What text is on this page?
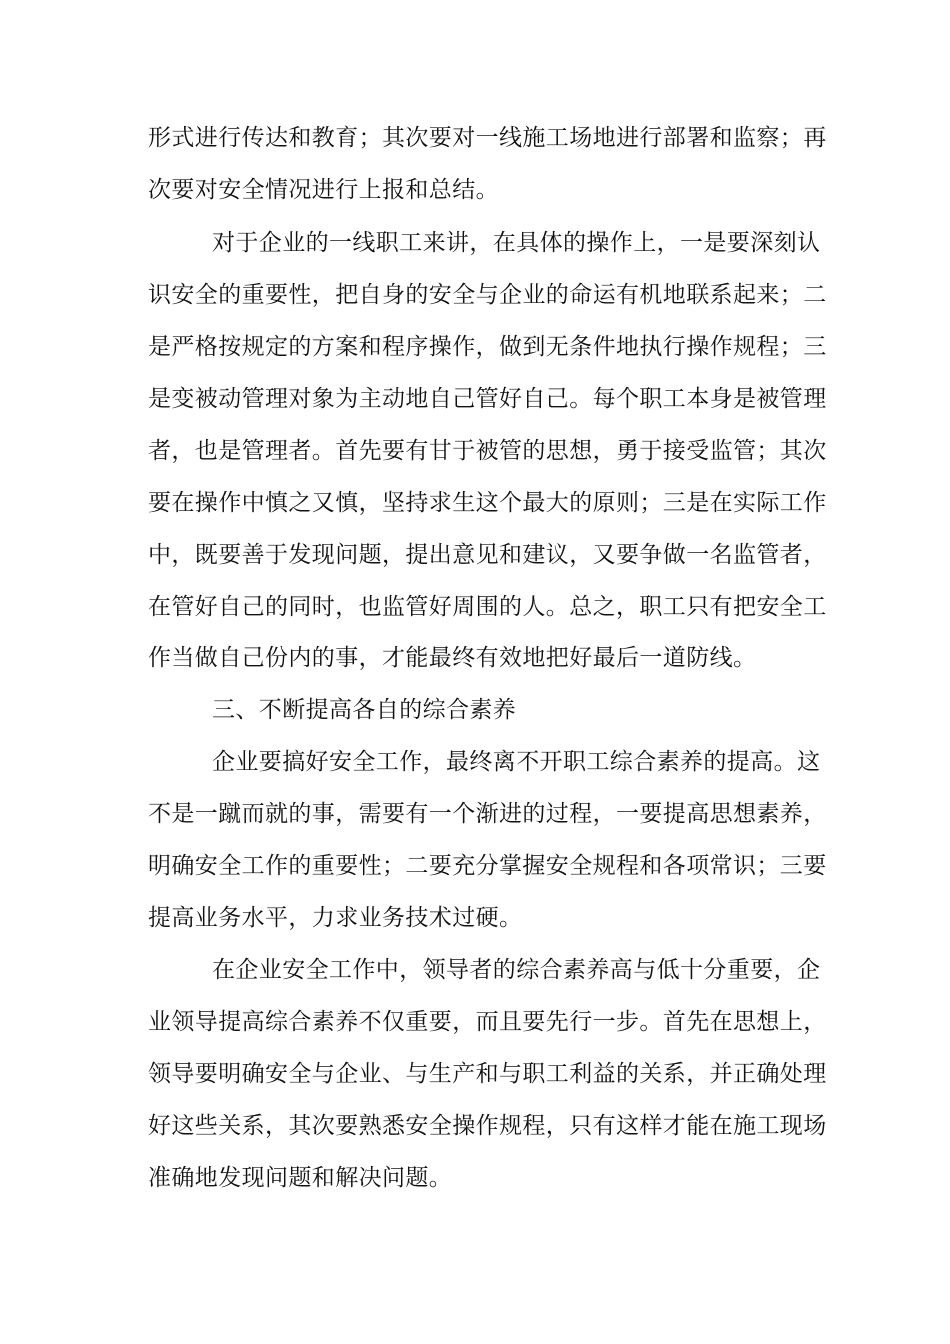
形式进行传达和教育；其次要对一线施工场地进行部署和监察；再
次要对安全情况进行上报和总结。
对于企业的一线职工来讲，在具体的操作上，一是要深刻认
识安全的重要性，把自身的安全与企业的命运有机地联系起来；二
是严格按规定的方案和程序操作，做到无条件地执行操作规程；三
是变被动管理对象为主动地自己管好自己。每个职工本身是被管理
者，也是管理者。首先要有甘于被管的思想，勇于接受监管；其次
要在操作中慎之又慎，坚持求生这个最大的原则；三是在实际工作
中，既要善于发现问题，提出意见和建议，又要争做一名监管者，
在管好自己的同时，也监管好周围的人。总之，职工只有把安全工
作当做自己份内的事，才能最终有效地把好最后一道防线。
三、不断提高各自的综合素养
企业要搞好安全工作，最终离不开职工综合素养的提高。这
不是一蹴而就的事，需要有一个渐进的过程，一要提高思想素养，
明确安全工作的重要性；二要充分掌握安全规程和各项常识；三要
提高业务水平，力求业务技术过硬。
在企业安全工作中，领导者的综合素养高与低十分重要，企
业领导提高综合素养不仅重要，而且要先行一步。首先在思想上，
领导要明确安全与企业、与生产和与职工利益的关系，并正确处理
好这些关系，其次要熟悉安全操作规程，只有这样才能在施工现场
准确地发现问题和解决问题。
